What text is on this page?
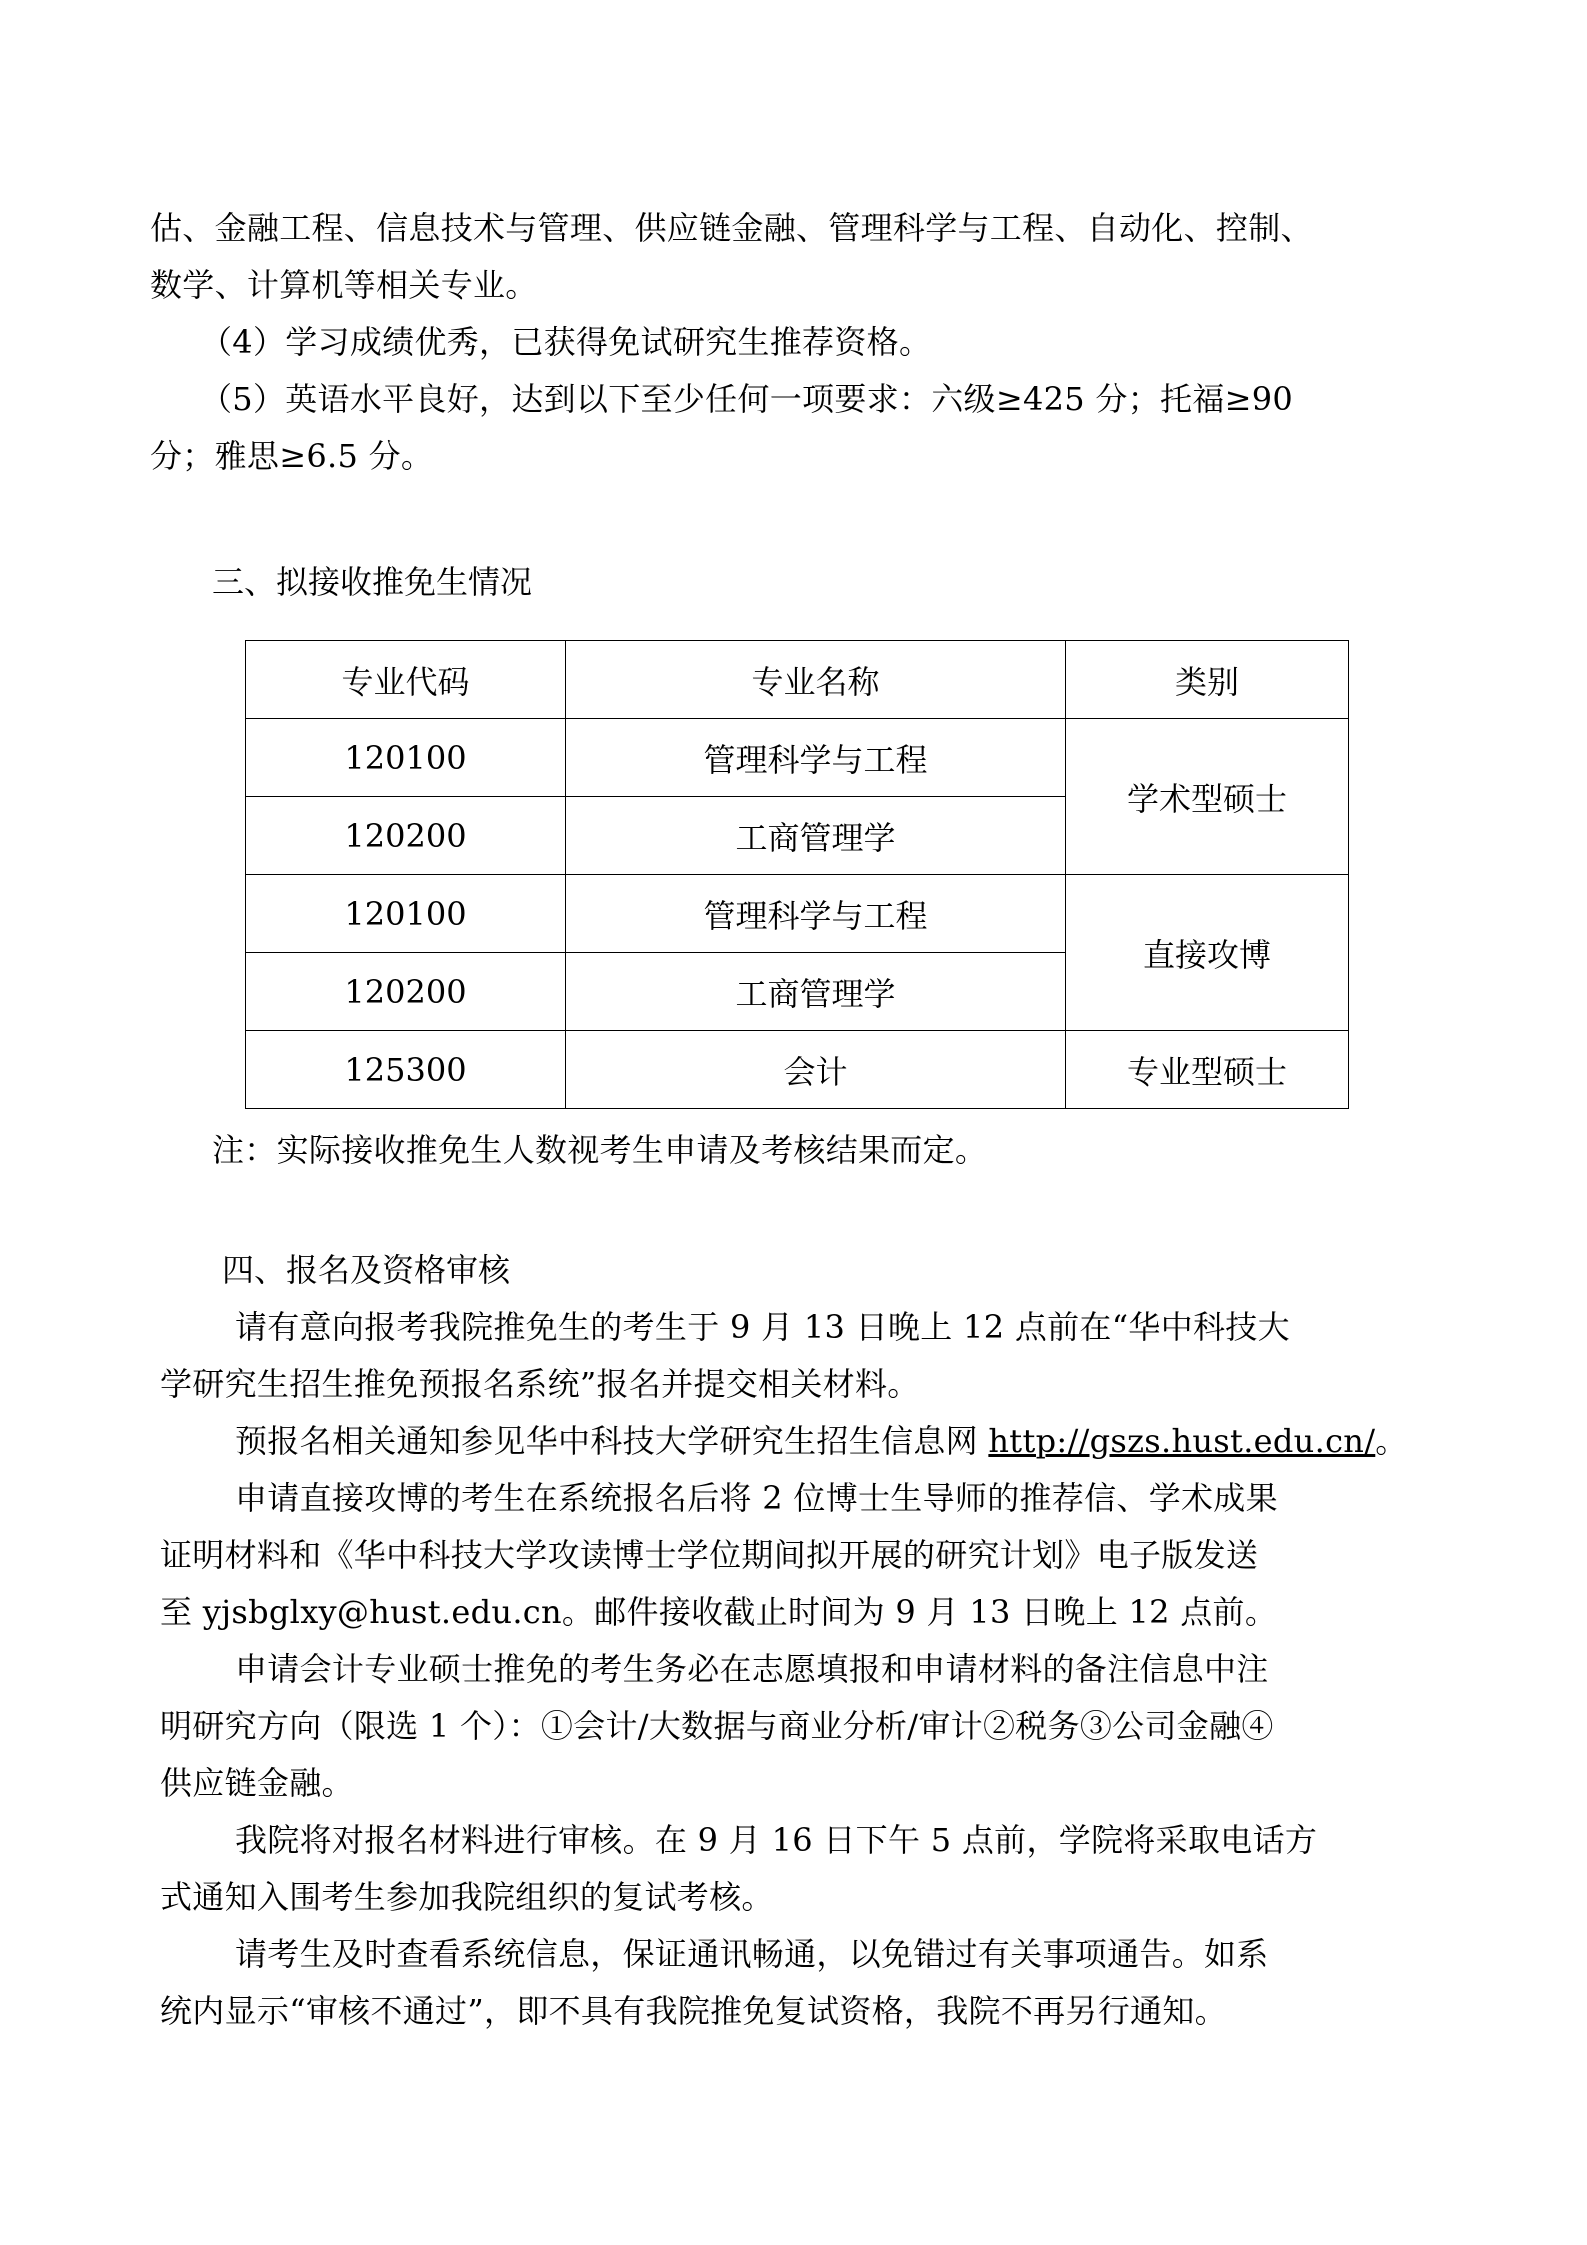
估、金融工程、信息技术与管理、供应链金融、管理科学与工程、自动化、控制、
数学、计算机等相关专业。
（4）学习成绩优秀，已获得免试研究生推荐资格。
（5）英语水平良好，达到以下至少任何一项要求：六级≥425 分；托福≥90
分；雅思≥6.5 分。
三、拟接收推免生情况
专业代码	专业名称	类别
120100	管理科学与工程	学术型硕士
120200	工商管理学	
120100	管理科学与工程	直接攻博
120200	工商管理学	
125300	会计	专业型硕士
注：实际接收推免生人数视考生申请及考核结果而定。
四、报名及资格审核
请有意向报考我院推免生的考生于 9 月 13 日晚上 12 点前在“华中科技大
学研究生招生推免预报名系统”报名并提交相关材料。
预报名相关通知参见华中科技大学研究生招生信息网 http://gszs.hust.edu.cn/。
申请直接攻博的考生在系统报名后将 2 位博士生导师的推荐信、学术成果
证明材料和《华中科技大学攻读博士学位期间拟开展的研究计划》电子版发送
至 yjsbglxy@hust.edu.cn。邮件接收截止时间为 9 月 13 日晚上 12 点前。
申请会计专业硕士推免的考生务必在志愿填报和申请材料的备注信息中注
明研究方向（限选 1 个）：①会计/大数据与商业分析/审计②税务③公司金融④
供应链金融。
我院将对报名材料进行审核。在 9 月 16 日下午 5 点前，学院将采取电话方
式通知入围考生参加我院组织的复试考核。
请考生及时查看系统信息，保证通讯畅通，以免错过有关事项通告。如系
统内显示“审核不通过”，即不具有我院推免复试资格，我院不再另行通知。
